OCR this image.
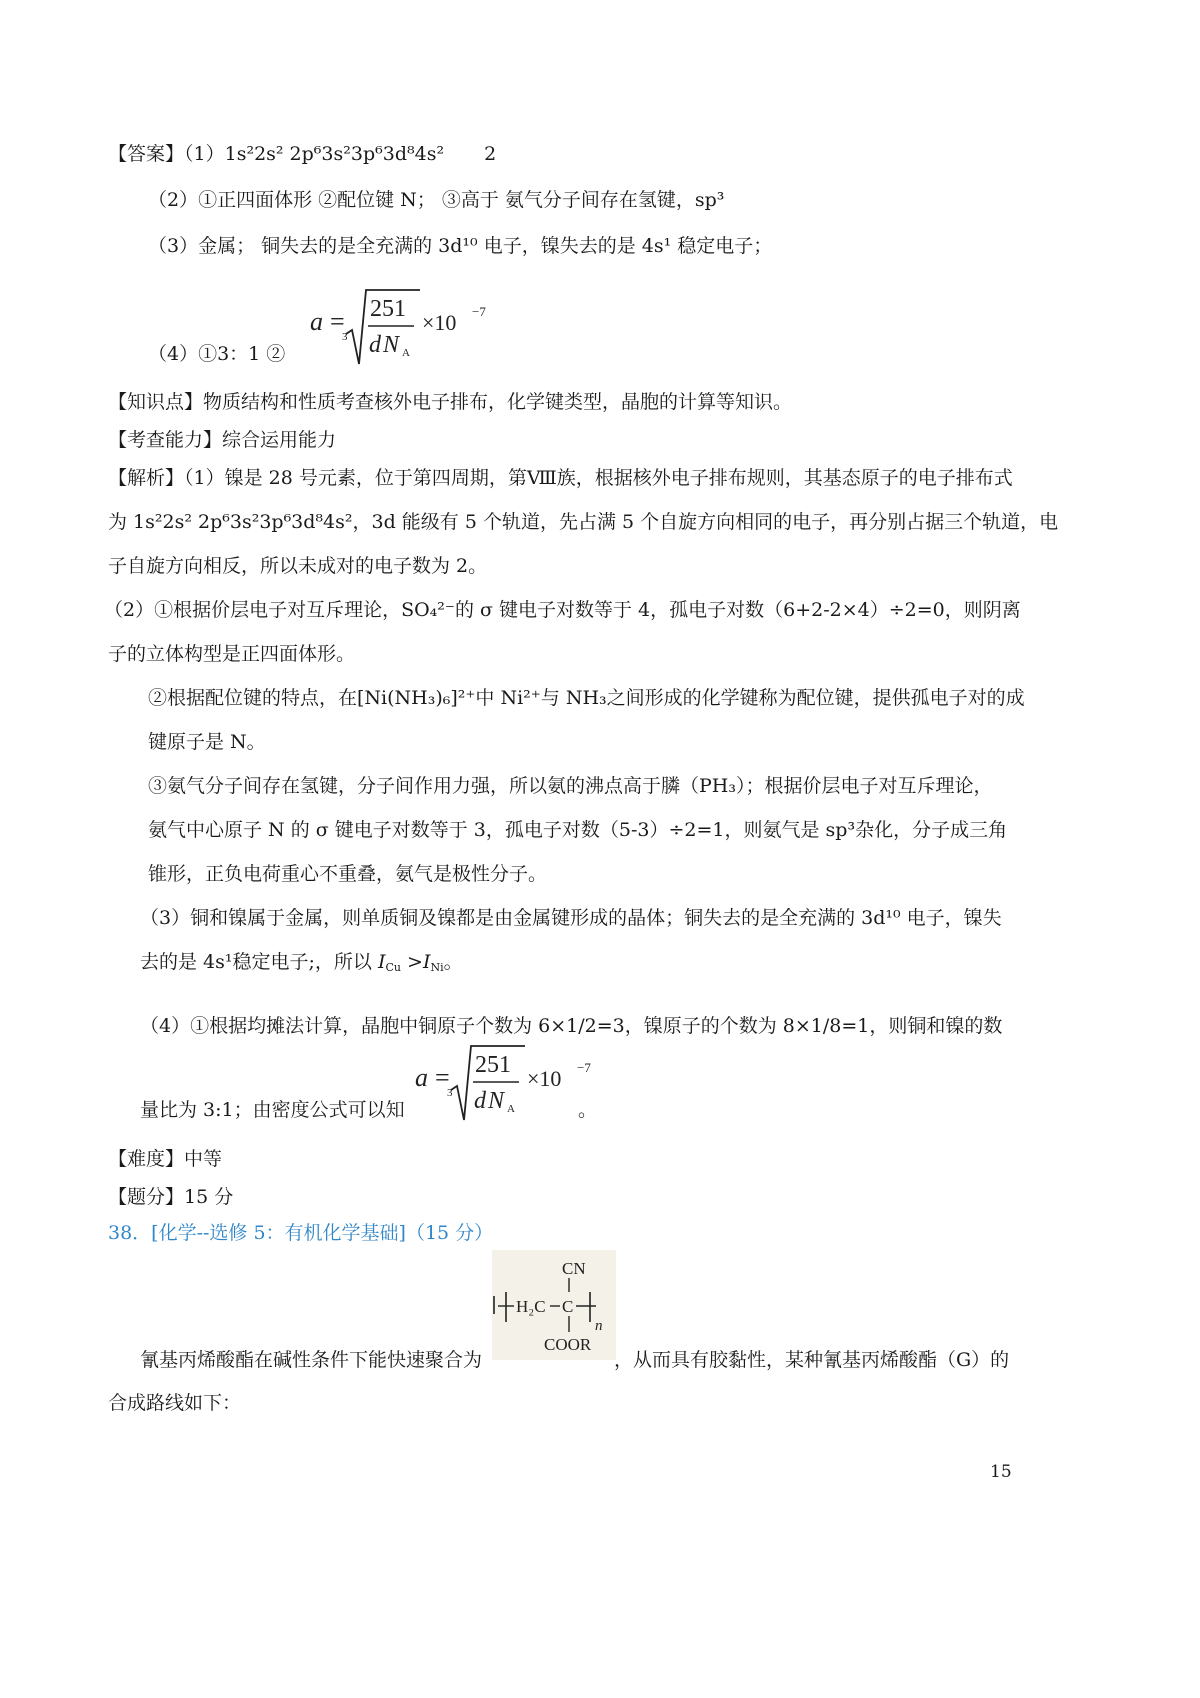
【答案】（1）1s²2s² 2p⁶3s²3p⁶3d⁸4s² 2
（2）①正四面体形 ②配位键 N； ③高于 氨气分子间存在氢键，sp³
（3）金属； 铜失去的是全充满的 3d¹⁰ 电子，镍失去的是 4s¹ 稳定电子；
（4）①3：1 ②
a =
3
251
d N A
×10 −7
【知识点】物质结构和性质考查核外电子排布，化学键类型，晶胞的计算等知识。
【考查能力】综合运用能力
【解析】（1）镍是 28 号元素，位于第四周期，第Ⅷ族，根据核外电子排布规则，其基态原子的电子排布式
为 1s²2s² 2p⁶3s²3p⁶3d⁸4s²，3d 能级有 5 个轨道，先占满 5 个自旋方向相同的电子，再分别占据三个轨道，电
子自旋方向相反，所以未成对的电子数为 2。
（2）①根据价层电子对互斥理论，SO₄²⁻的 σ 键电子对数等于 4，孤电子对数（6+2-2×4）÷2=0，则阴离
子的立体构型是正四面体形。
②根据配位键的特点，在[Ni(NH₃)₆]²⁺中 Ni²⁺与 NH₃之间形成的化学键称为配位键，提供孤电子对的成
键原子是 N。
③氨气分子间存在氢键，分子间作用力强，所以氨的沸点高于膦（PH₃）；根据价层电子对互斥理论，
氨气中心原子 N 的 σ 键电子对数等于 3，孤电子对数（5-3）÷2=1，则氨气是 sp³杂化，分子成三角
锥形，正负电荷重心不重叠，氨气是极性分子。
（3）铜和镍属于金属，则单质铜及镍都是由金属键形成的晶体；铜失去的是全充满的 3d¹⁰ 电子，镍失
去的是 4s¹稳定电子;，所以 $I_{Cu} >I_{Ni}$。
（4）①根据均摊法计算，晶胞中铜原子个数为 6×1/2=3，镍原子的个数为 8×1/8=1，则铜和镍的数
a =
3
251
d N A
×10 −7
量比为 3:1；由密度公式可以知	。
【难度】中等
【题分】15 分
38．[化学--选修 5：有机化学基础]（15 分）
CN
H₂C C
n
COOR
氰基丙烯酸酯在碱性条件下能快速聚合为	，从而具有胶黏性，某种氰基丙烯酸酯（G）的
合成路线如下：
15
